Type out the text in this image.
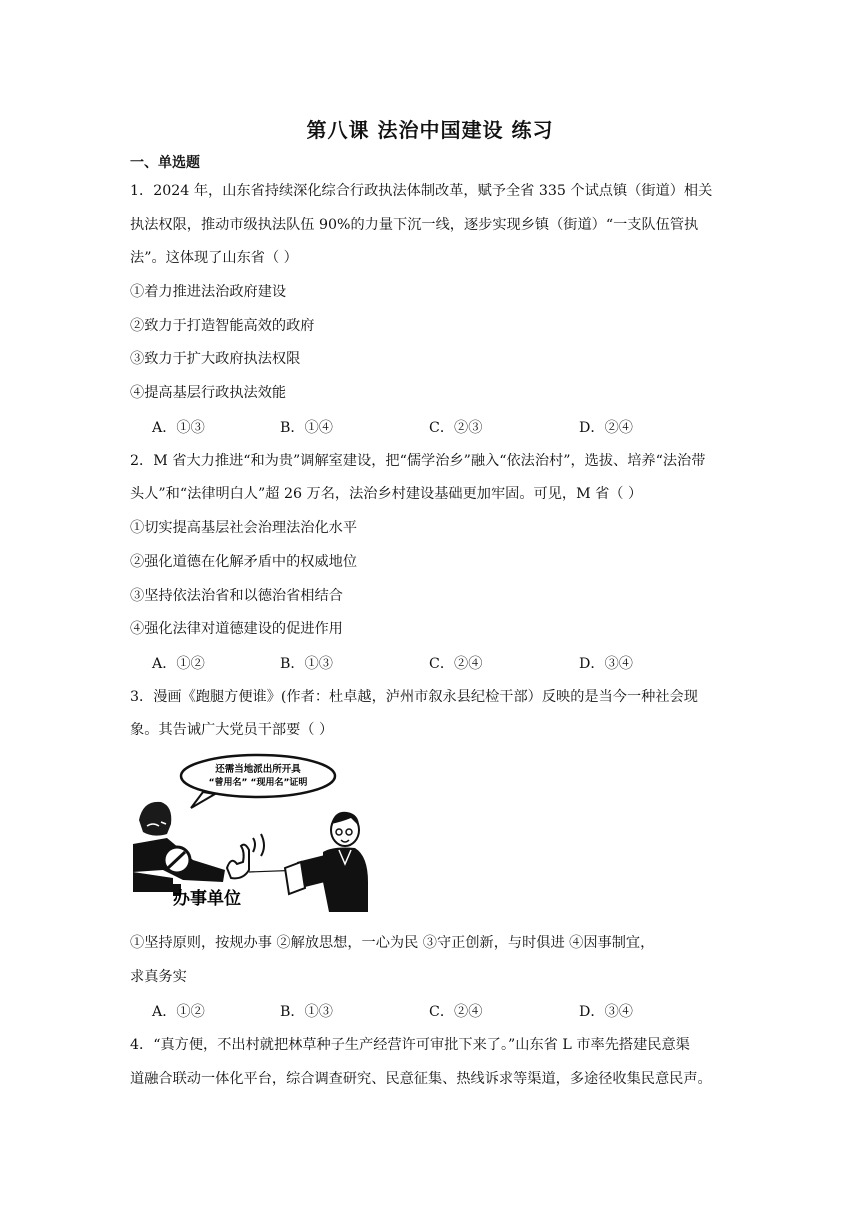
第八课 法治中国建设 练习
一、单选题
1．2024 年，山东省持续深化综合行政执法体制改革，赋予全省 335 个试点镇（街道）相关
执法权限，推动市级执法队伍 90%的力量下沉一线，逐步实现乡镇（街道）“一支队伍管执
法”。这体现了山东省（ ）
①着力推进法治政府建设
②致力于打造智能高效的政府
③致力于扩大政府执法权限
④提高基层行政执法效能
A．①③	B．①④	C．②③	D．②④
2．M 省大力推进“和为贵”调解室建设，把“儒学治乡”融入“依法治村”，选拔、培养“法治带
头人”和“法律明白人”超 26 万名，法治乡村建设基础更加牢固。可见，M 省（ ）
①切实提高基层社会治理法治化水平
②强化道德在化解矛盾中的权威地位
③坚持依法治省和以德治省相结合
④强化法律对道德建设的促进作用
A．①②	B．①③	C．②④	D．③④
3．漫画《跑腿方便谁》(作者：杜卓越，泸州市叙永县纪检干部）反映的是当今一种社会现
象。其告诫广大党员干部要（ ）
还需当地派出所开具
“曾用名” “现用名”证明
办事单位
①坚持原则，按规办事 ②解放思想，一心为民 ③守正创新，与时俱进 ④因事制宜，
求真务实
A．①②	B．①③	C．②④	D．③④
4．“真方便，不出村就把林草种子生产经营许可审批下来了。”山东省 L 市率先搭建民意渠
道融合联动一体化平台，综合调查研究、民意征集、热线诉求等渠道，多途径收集民意民声。
